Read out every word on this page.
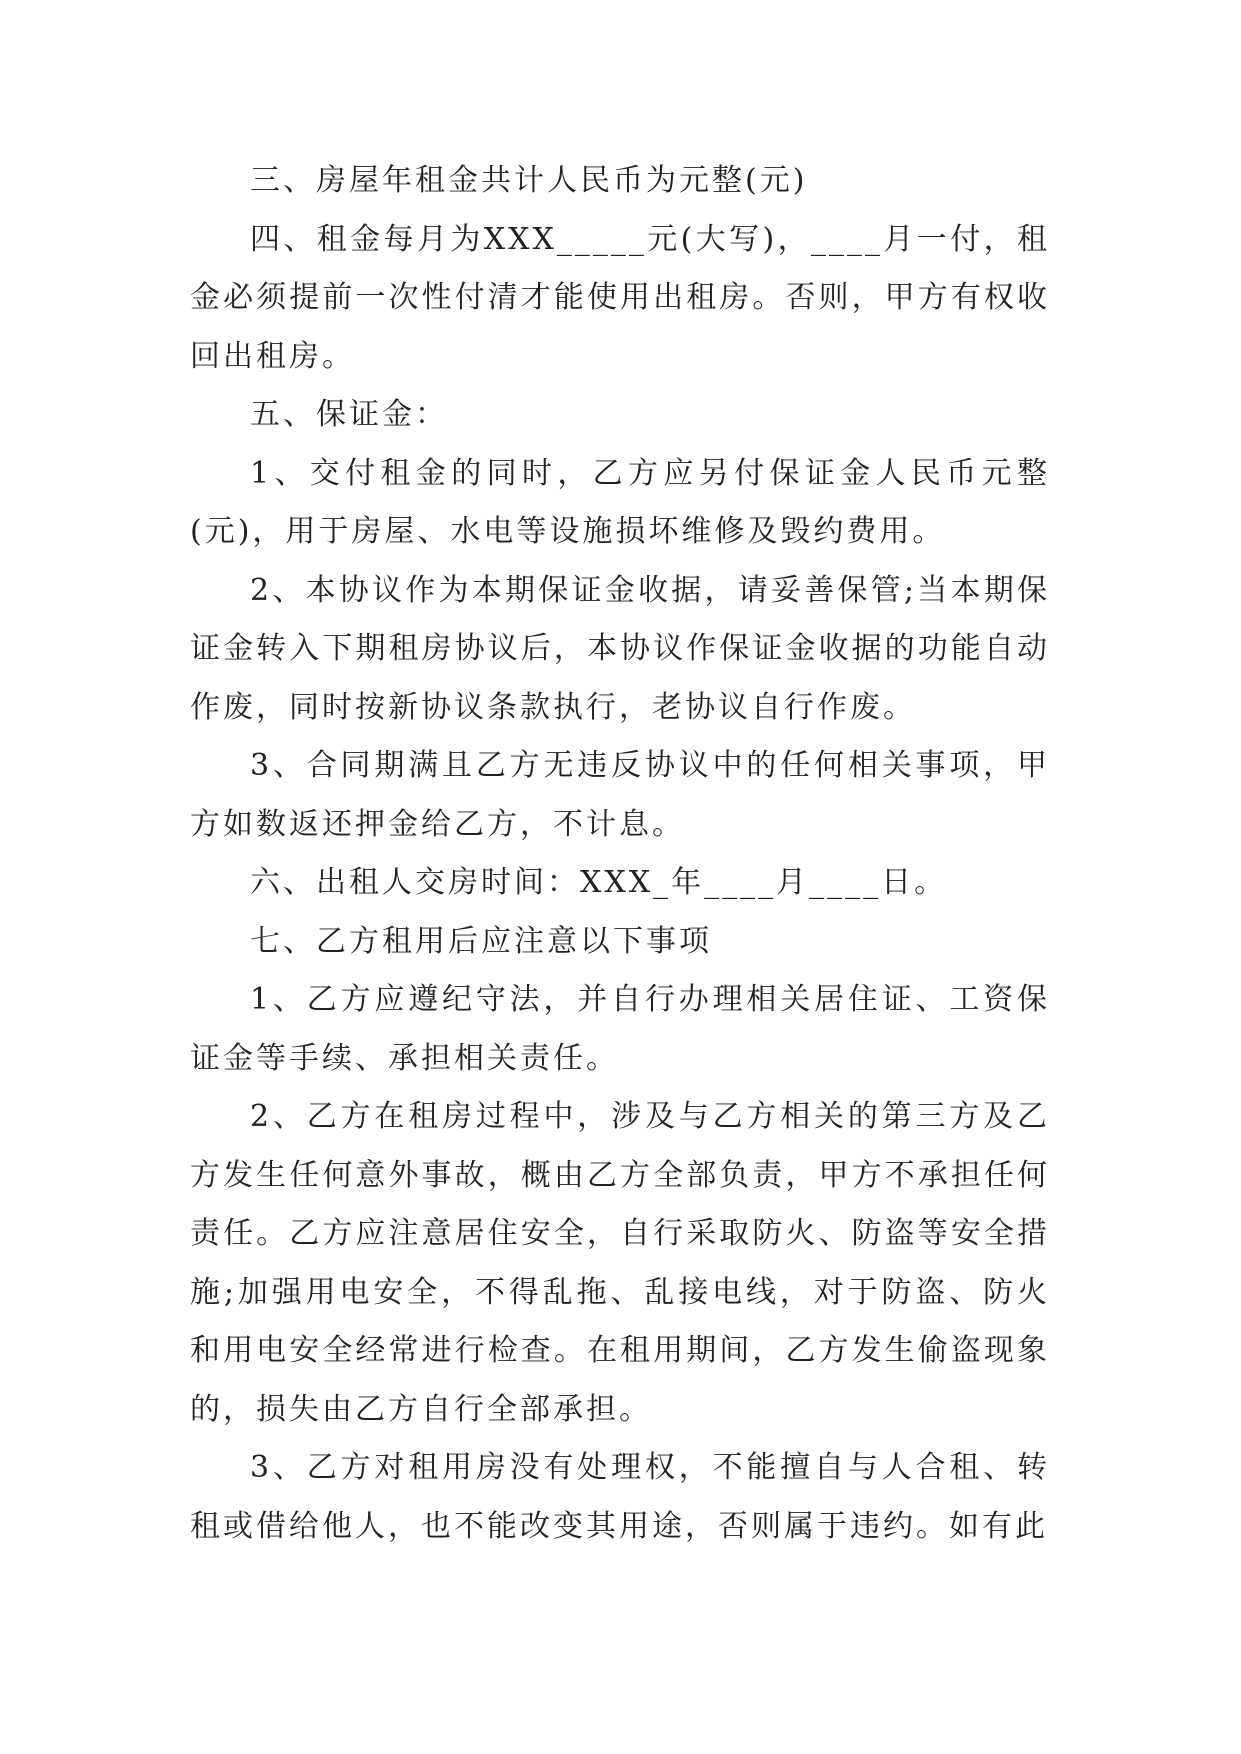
三、房屋年租金共计人民币为元整(元)

四、租金每月为XXX_____元(大写)，____月一付，租金必须提前一次性付清才能使用出租房。否则，甲方有权收回出租房。

五、保证金：

1、交付租金的同时，乙方应另付保证金人民币元整(元)，用于房屋、水电等设施损坏维修及毁约费用。

2、本协议作为本期保证金收据，请妥善保管;当本期保证金转入下期租房协议后，本协议作保证金收据的功能自动作废，同时按新协议条款执行，老协议自行作废。

3、合同期满且乙方无违反协议中的任何相关事项，甲方如数返还押金给乙方，不计息。

六、出租人交房时间：XXX_年____月____日。

七、乙方租用后应注意以下事项

1、乙方应遵纪守法，并自行办理相关居住证、工资保证金等手续、承担相关责任。

2、乙方在租房过程中，涉及与乙方相关的第三方及乙方发生任何意外事故，概由乙方全部负责，甲方不承担任何责任。乙方应注意居住安全，自行采取防火、防盗等安全措施;加强用电安全，不得乱拖、乱接电线，对于防盗、防火和用电安全经常进行检查。在租用期间，乙方发生偷盗现象的，损失由乙方自行全部承担。

3、乙方对租用房没有处理权，不能擅自与人合租、转租或借给他人，也不能改变其用途，否则属于违约。如有此
